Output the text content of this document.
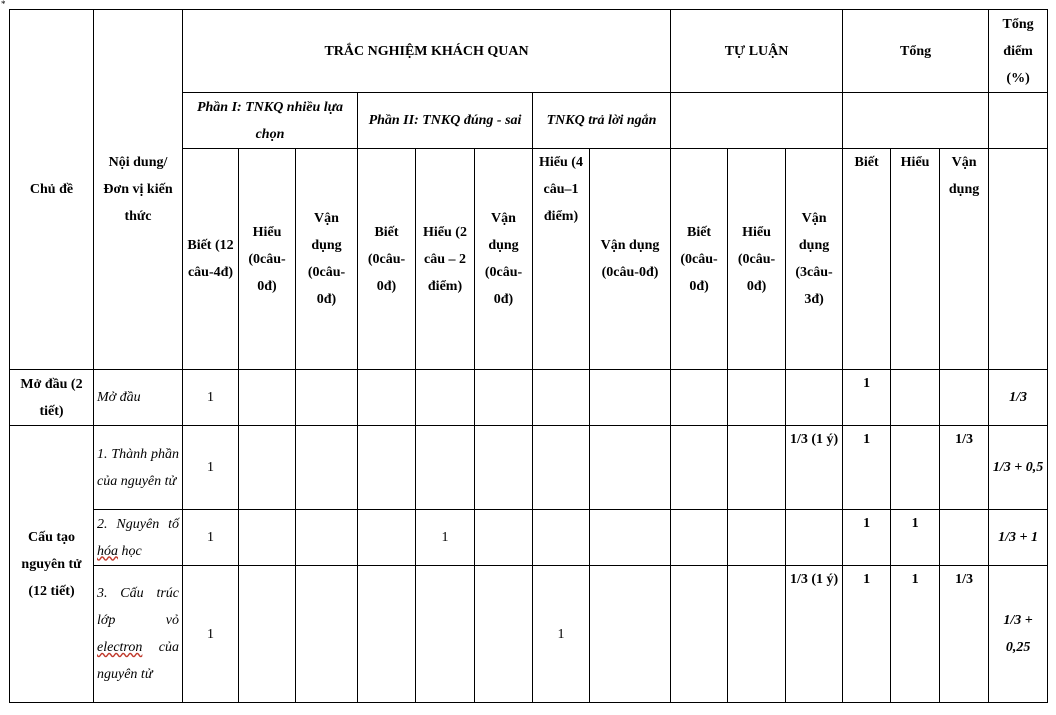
*
Chủ đề	Nội dung/Đơn vị kiến thức	TRẮC NGHIỆM KHÁCH QUAN								TỰ LUẬN			Tổng			Tổng điểm (%)
		Phần I: TNKQ nhiều lựa chọn			Phần II: TNKQ đúng - sai			TNKQ trả lời ngắn								
		Biết (12 câu-4đ)	Hiểu (0câu-0đ)	Vận dụng (0câu-0đ)	Biết (0câu-0đ)	Hiểu (2 câu – 2 điểm)	Vận dụng (0câu-0đ)	Hiểu (4 câu–1 điểm)	Vận dụng (0câu-0đ)	Biết (0câu-0đ)	Hiểu (0câu-0đ)	Vận dụng (3câu-3đ)	Biết	Hiểu	Vận dụng	
Mở đầu (2 tiết)	Mở đầu	1											1			1/3
Cấu tạo nguyên tử (12 tiết)	1. Thành phần của nguyên tử	1										1/3 (1 ý)	1		1/3	1/3 + 0,5
	2. Nguyên tố hóa học	1				1							1	1		1/3 + 1
	3. Cấu trúc lớp vỏ electron của nguyên tử	1						1				1/3 (1 ý)	1	1	1/3	1/3 + 0,25
